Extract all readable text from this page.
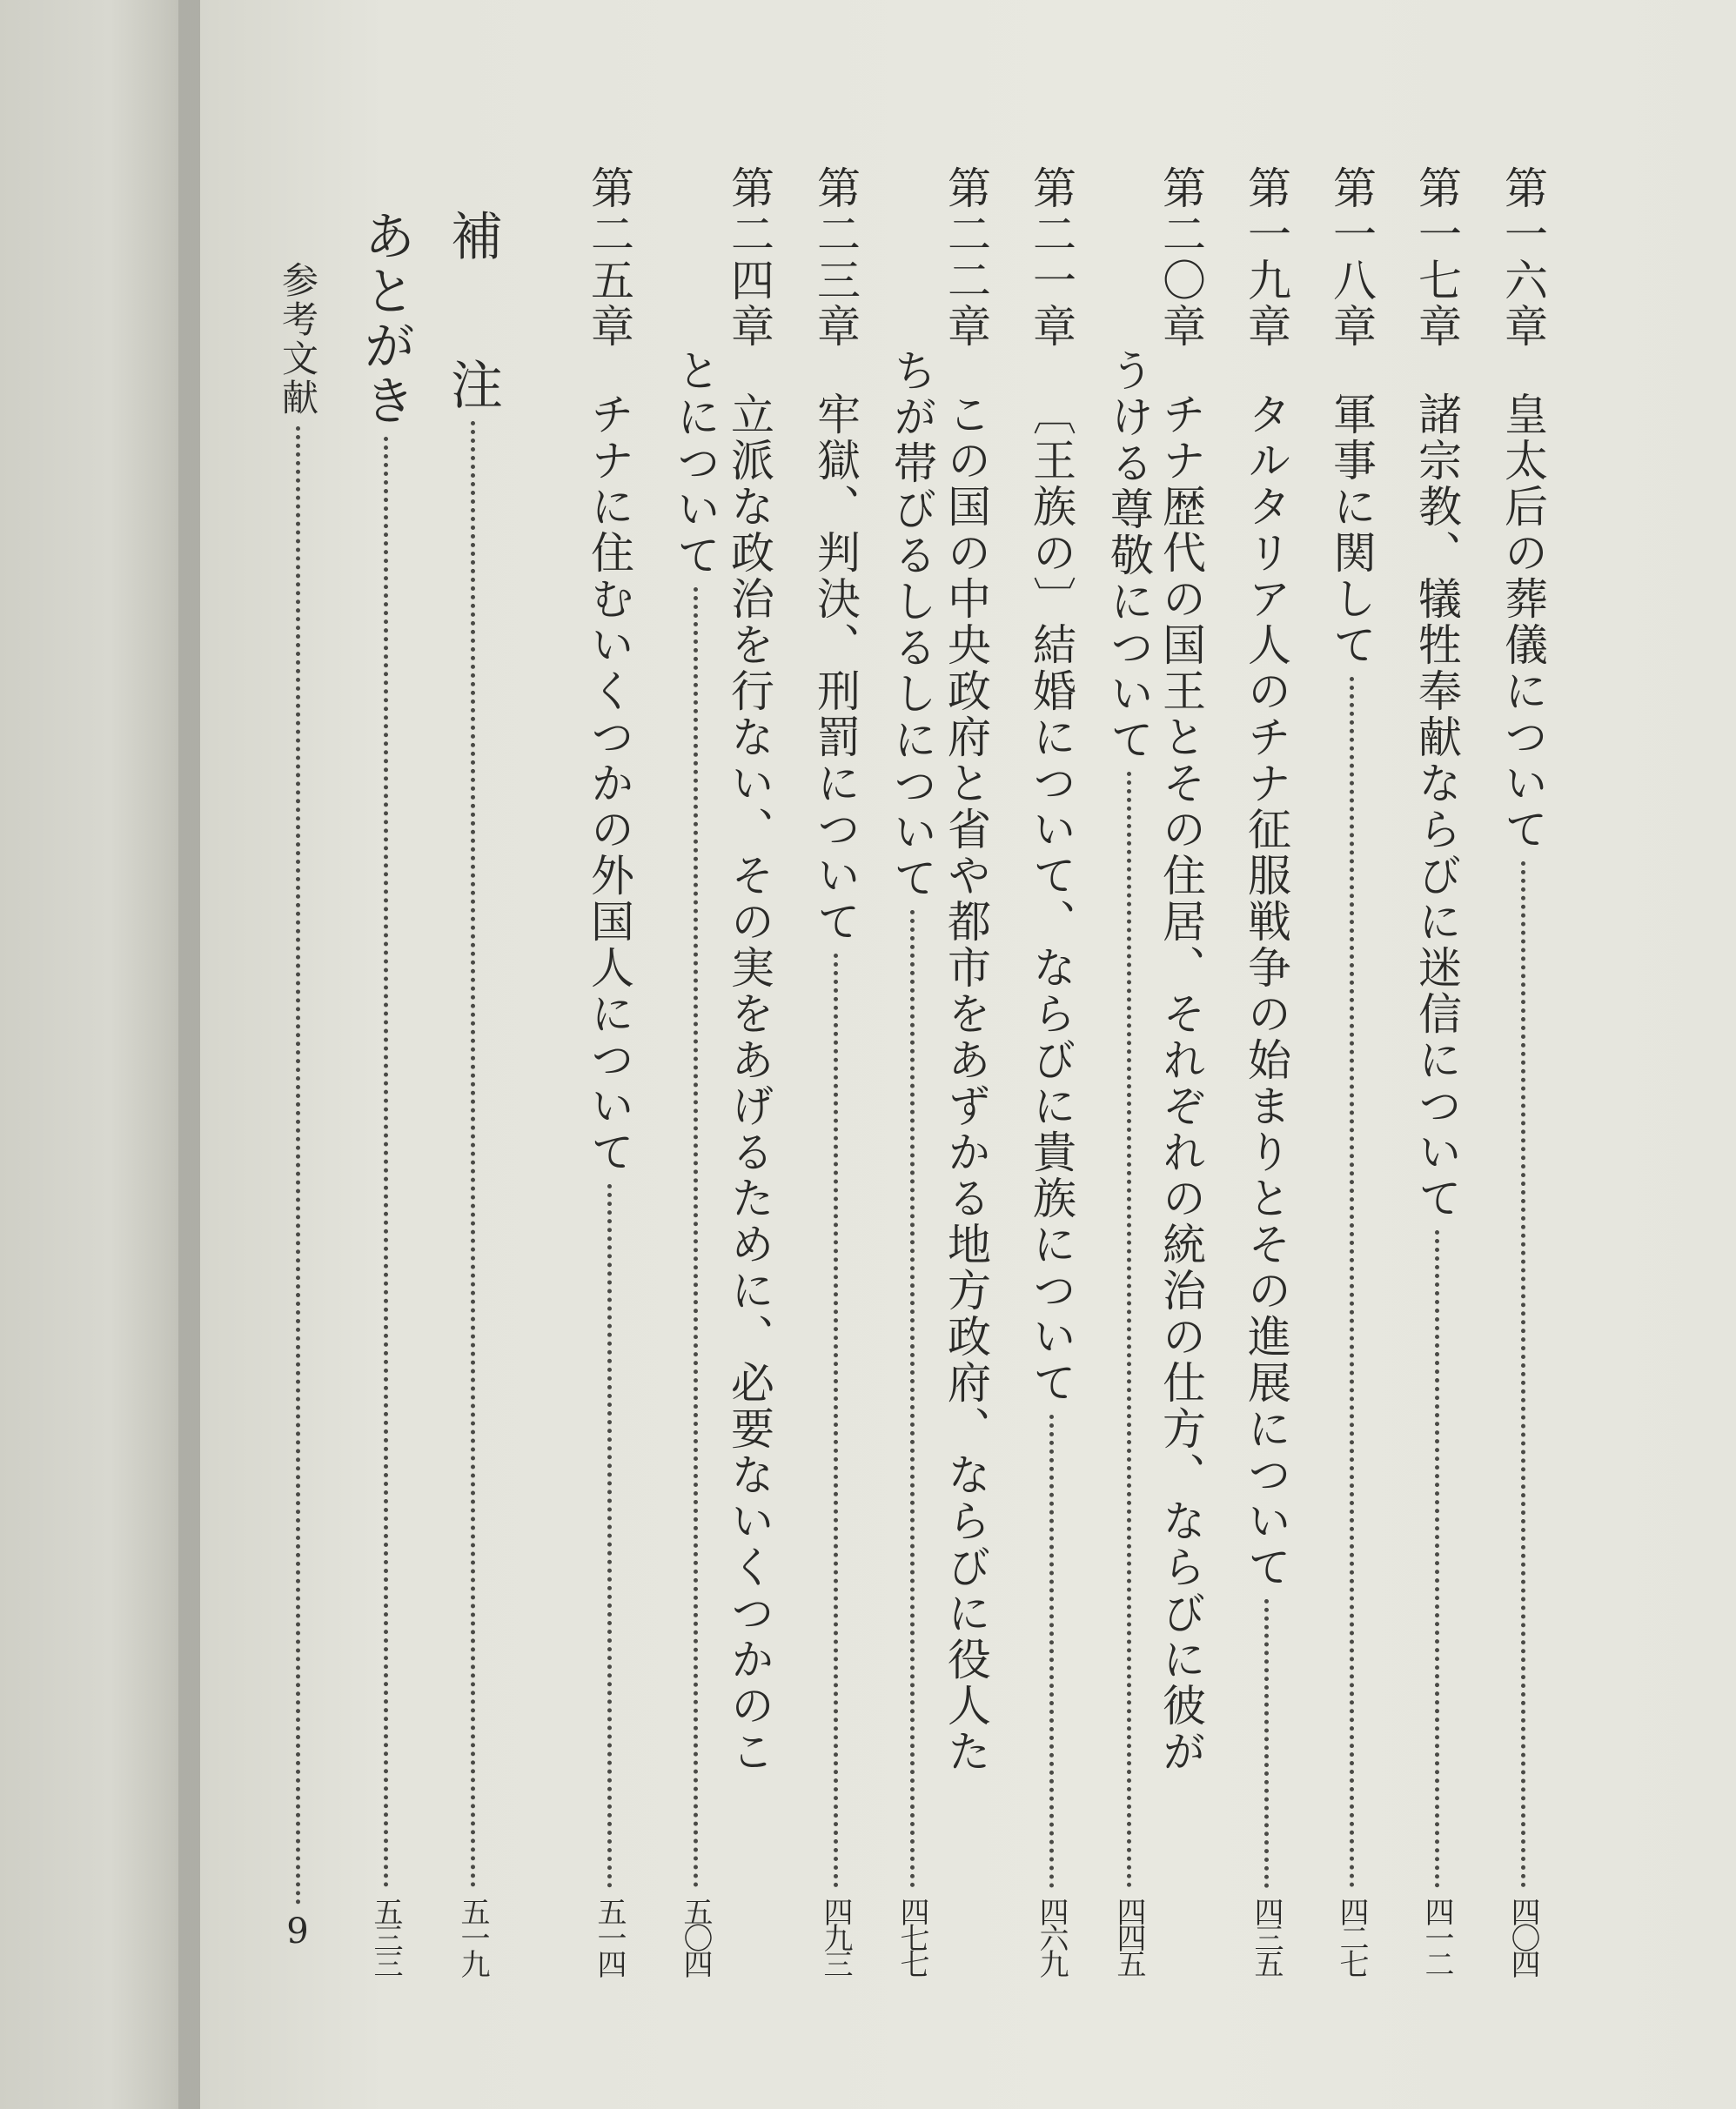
第一六章
皇太后の葬儀について
四〇四
第一七章
諸宗教、犠牲奉献ならびに迷信について
四一二
第一八章
軍事に関して
四二七
第一九章
タルタリア人のチナ征服戦争の始まりとその進展について
四三五
第二〇章
チナ歴代の国王とその住居、それぞれの統治の仕方、ならびに彼が
うける尊敬について
四四五
第二一章
〔王族の〕結婚について、ならびに貴族について
四六九
第二二章
この国の中央政府と省や都市をあずかる地方政府、ならびに役人た
ちが帯びるしるしについて
四七七
第二三章
牢獄、判決、刑罰について
四九三
第二四章
立派な政治を行ない、その実をあげるために、必要ないくつかのこ
とについて
五〇四
第二五章
チナに住むいくつかの外国人について
五一四
補
注
五一九
あとがき
五三三
参考文献
9
